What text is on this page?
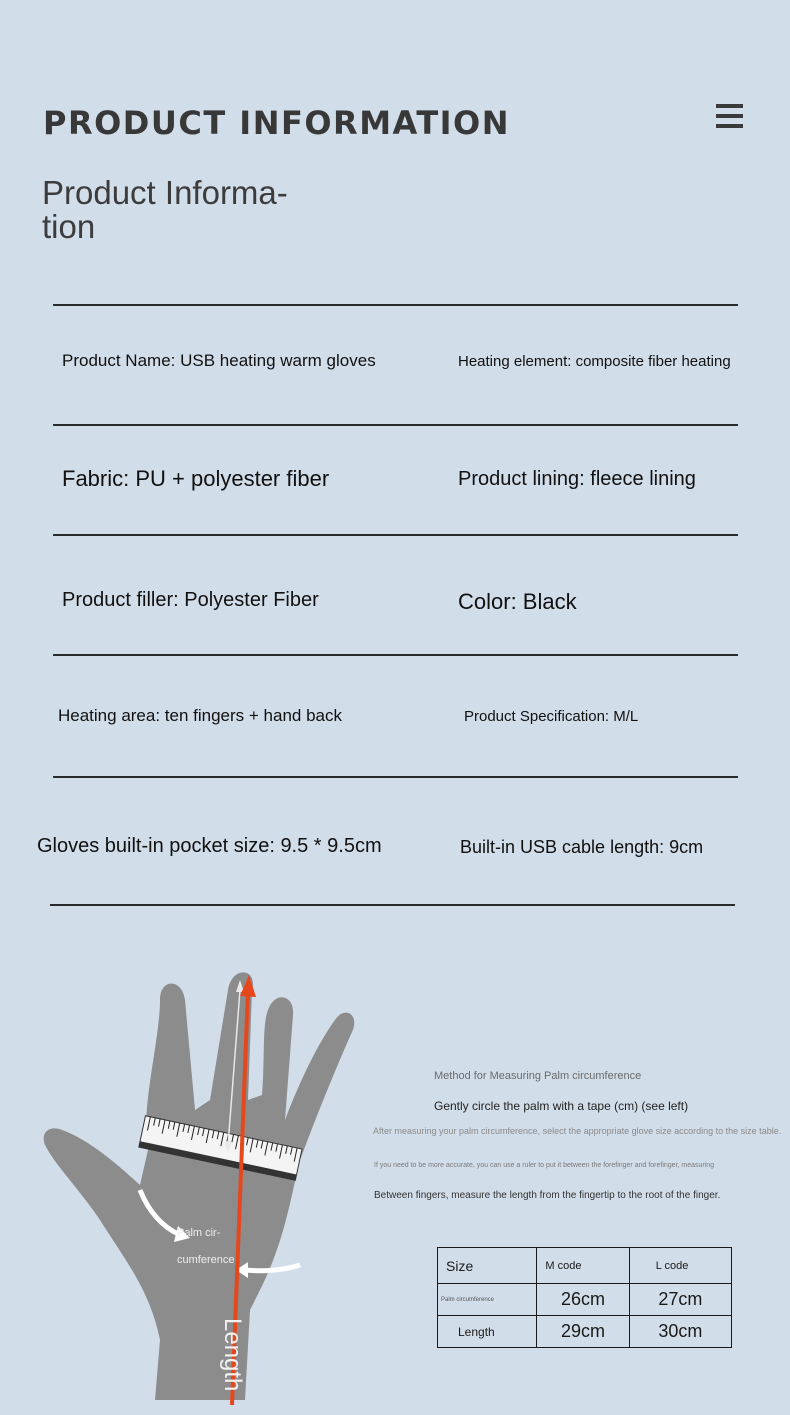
PRODUCT INFORMATION
Product Informa-
tion
Product Name: USB heating warm gloves	Heating element: composite fiber heating
Fabric: PU + polyester fiber	Product lining: fleece lining
Product filler: Polyester Fiber	Color: Black
Heating area: ten fingers + hand back	Product Specification: M/L
Gloves built-in pocket size: 9.5 * 9.5cm	Built-in USB cable length: 9cm
Palm cir-
cumference
Length
Method for Measuring Palm circumference
Gently circle the palm with a tape (cm) (see left)
After measuring your palm circumference, select the appropriate glove size according to the size table.
If you need to be more accurate, you can use a ruler to put it between the forefinger and forefinger, measuring
Between fingers, measure the length from the fingertip to the root of the finger.
Size	M code	L code
Palm circumference	26cm	27cm
Length	29cm	30cm
